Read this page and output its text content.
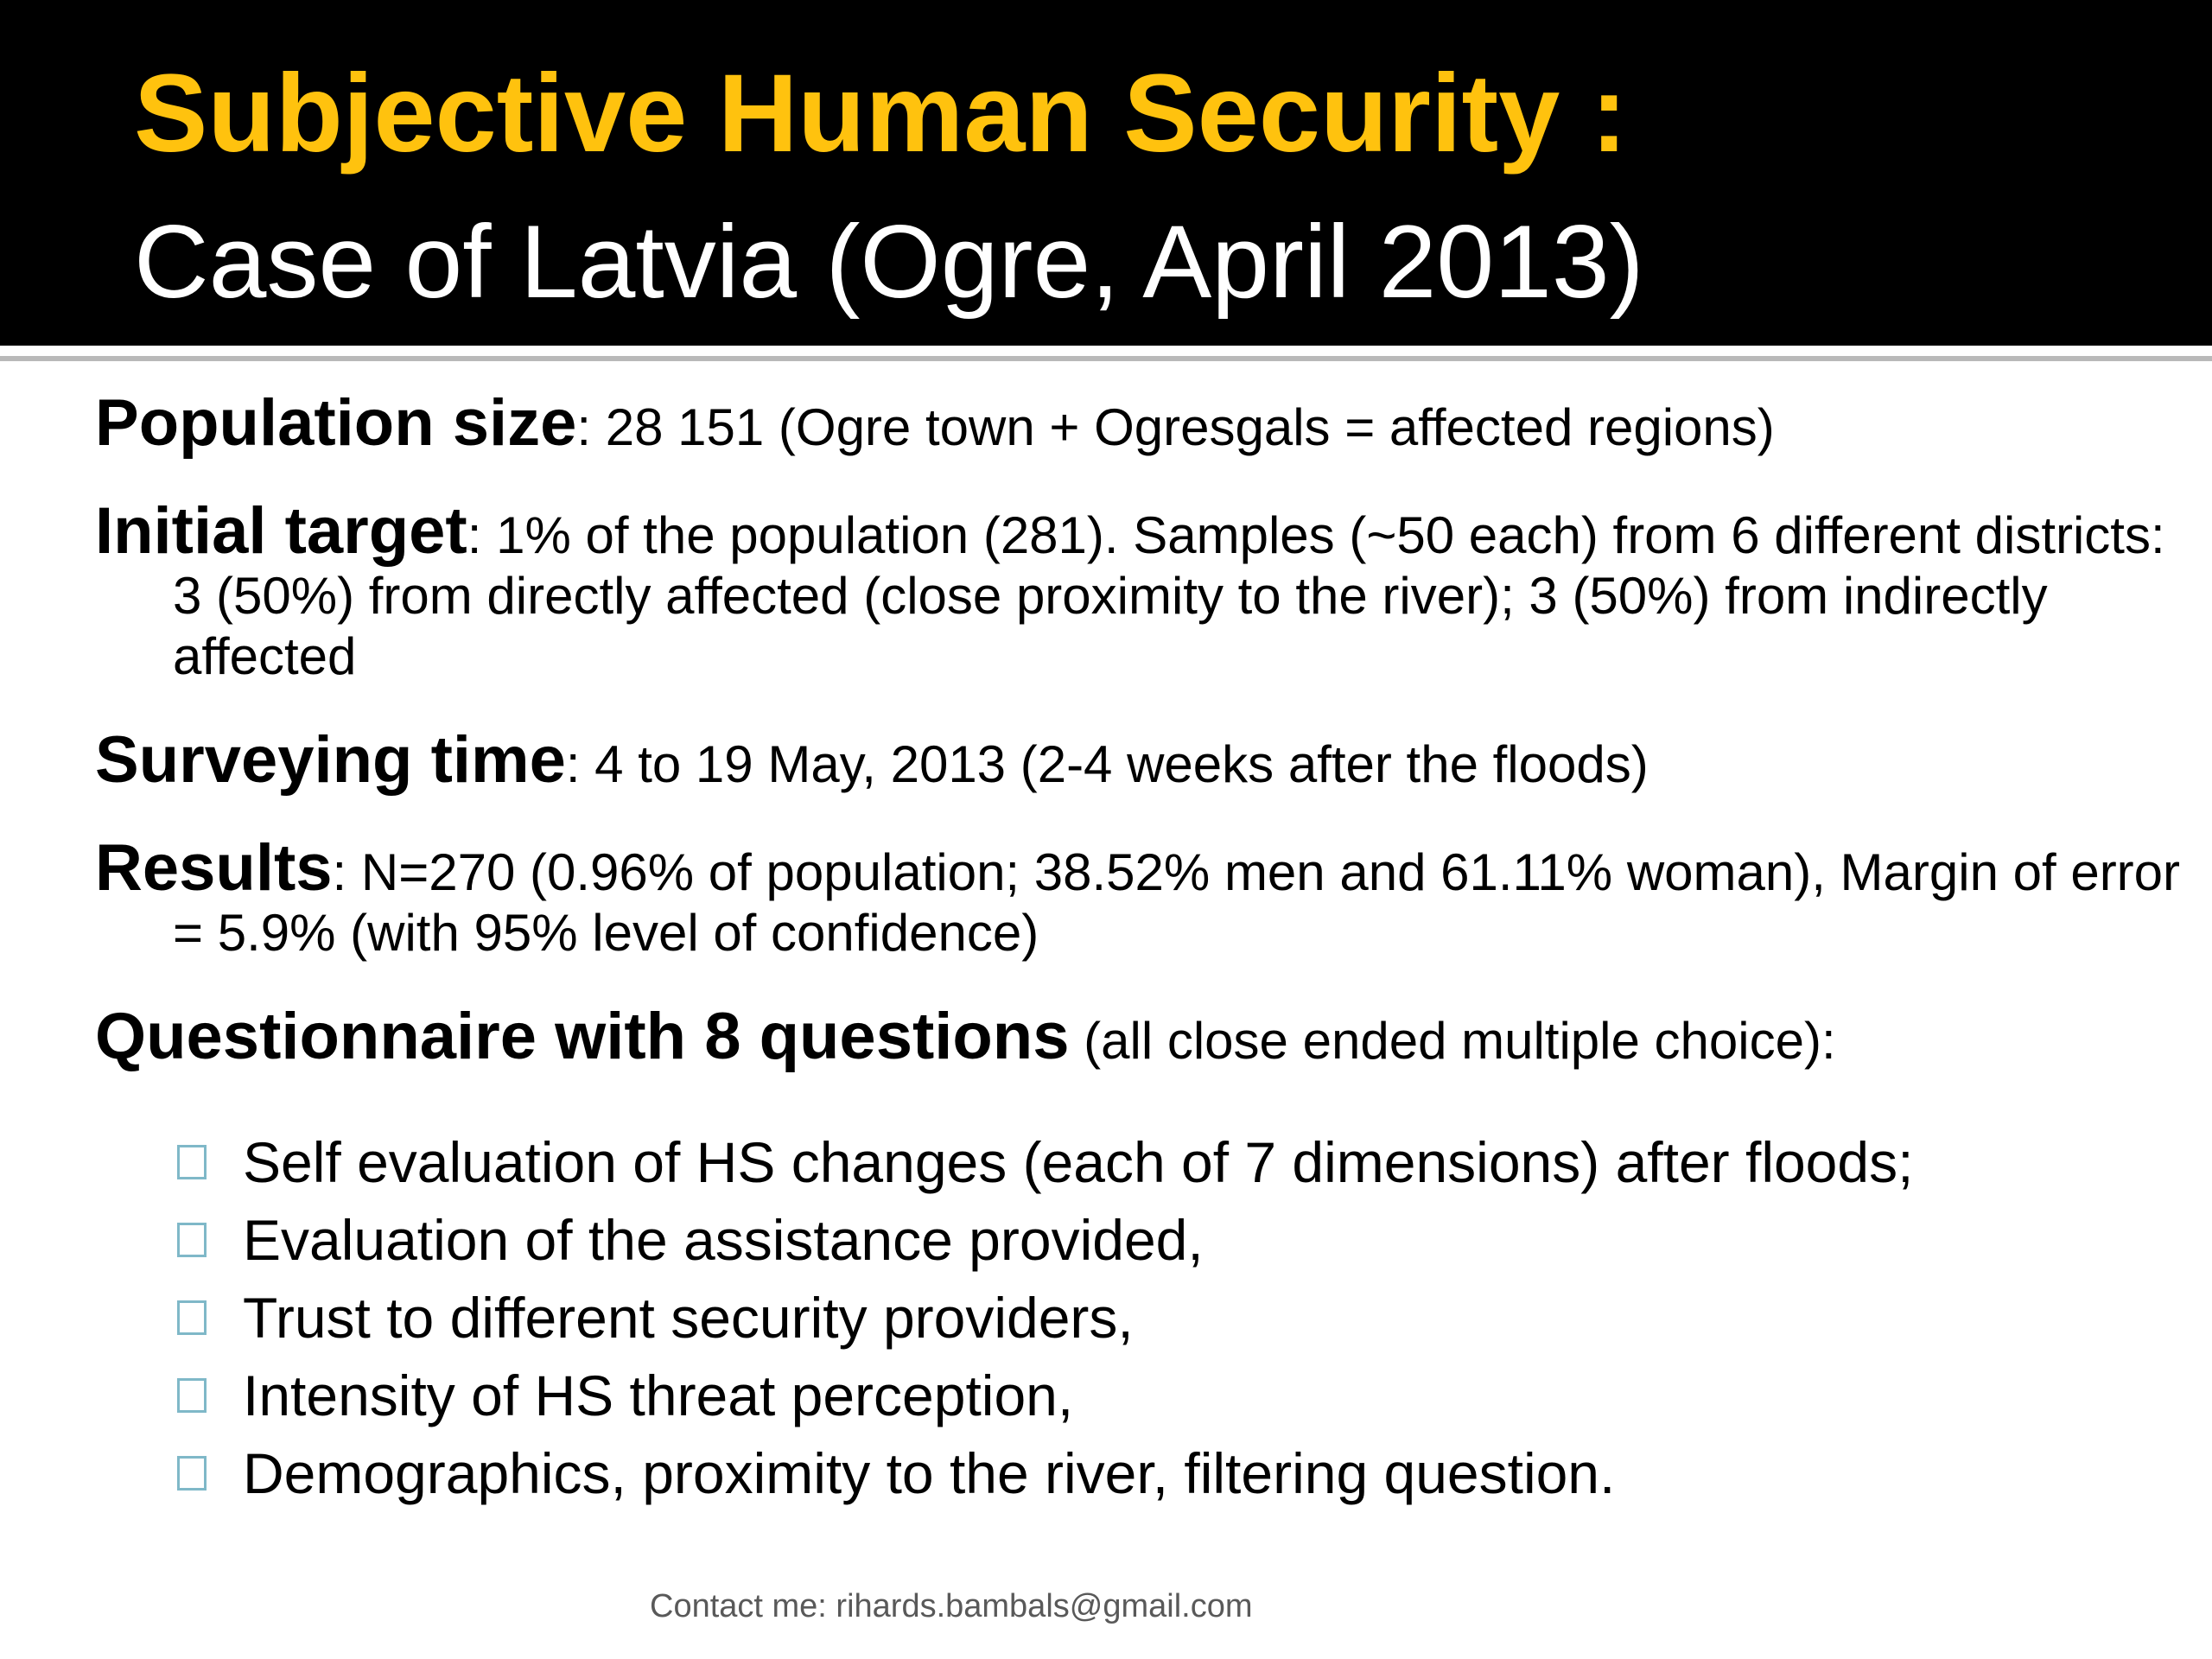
Subjective Human Security :
Case of Latvia (Ogre, April 2013)

Population size: 28 151 (Ogre town + Ogresgals = affected regions)

Initial target: 1% of the population (281). Samples (~50 each) from 6 different districts: 3 (50%) from directly affected (close proximity to the river); 3 (50%) from indirectly affected

Surveying time: 4 to 19 May, 2013 (2-4 weeks after the floods)

Results: N=270 (0.96% of population; 38.52% men and 61.11% woman), Margin of error = 5.9% (with 95% level of confidence)

Questionnaire with 8 questions (all close ended multiple choice):

Self evaluation of HS changes (each of 7 dimensions) after floods;
Evaluation of the assistance provided,
Trust to different security providers,
Intensity of HS threat perception,
Demographics, proximity to the river, filtering question.
Contact me: rihards.bambals@gmail.com
